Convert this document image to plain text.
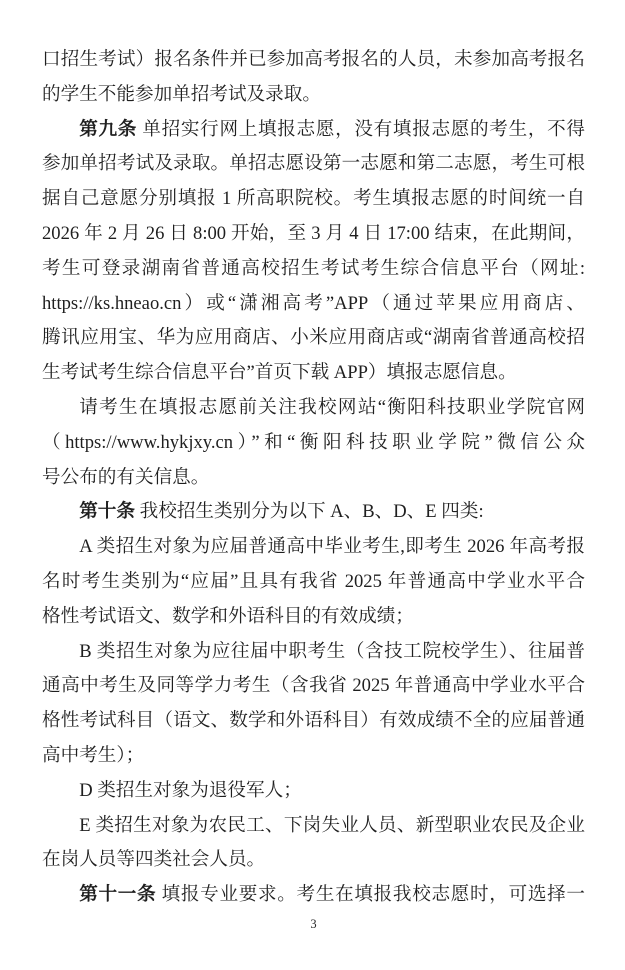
口招生考试）报名条件并已参加高考报名的人员，未参加高考报名
的学生不能参加单招考试及录取。
第九条 单招实行网上填报志愿，没有填报志愿的考生，不得
参加单招考试及录取。单招志愿设第一志愿和第二志愿，考生可根
据自己意愿分别填报 1 所高职院校。考生填报志愿的时间统一自
2026 年 2 月 26 日 8:00 开始，至 3 月 4 日 17:00 结束，在此期间，
考生可登录湖南省普通高校招生考试考生综合信息平台（网址:
https://ks.hneao.cn）或“潇湘高考”APP（通过苹果应用商店、
腾讯应用宝、华为应用商店、小米应用商店或“湖南省普通高校招
生考试考生综合信息平台”首页下载 APP）填报志愿信息。
请考生在填报志愿前关注我校网站“衡阳科技职业学院官网
（https://www.hykjxy.cn）”和“衡阳科技职业学院”微信公众
号公布的有关信息。
第十条 我校招生类别分为以下 A、B、D、E 四类:
A 类招生对象为应届普通高中毕业考生,即考生 2026 年高考报
名时考生类别为“应届”且具有我省 2025 年普通高中学业水平合
格性考试语文、数学和外语科目的有效成绩；
B 类招生对象为应往届中职考生（含技工院校学生）、往届普
通高中考生及同等学力考生（含我省 2025 年普通高中学业水平合
格性考试科目（语文、数学和外语科目）有效成绩不全的应届普通
高中考生）；
D 类招生对象为退役军人；
E 类招生对象为农民工、下岗失业人员、新型职业农民及企业
在岗人员等四类社会人员。
第十一条 填报专业要求。考生在填报我校志愿时，可选择一
3
